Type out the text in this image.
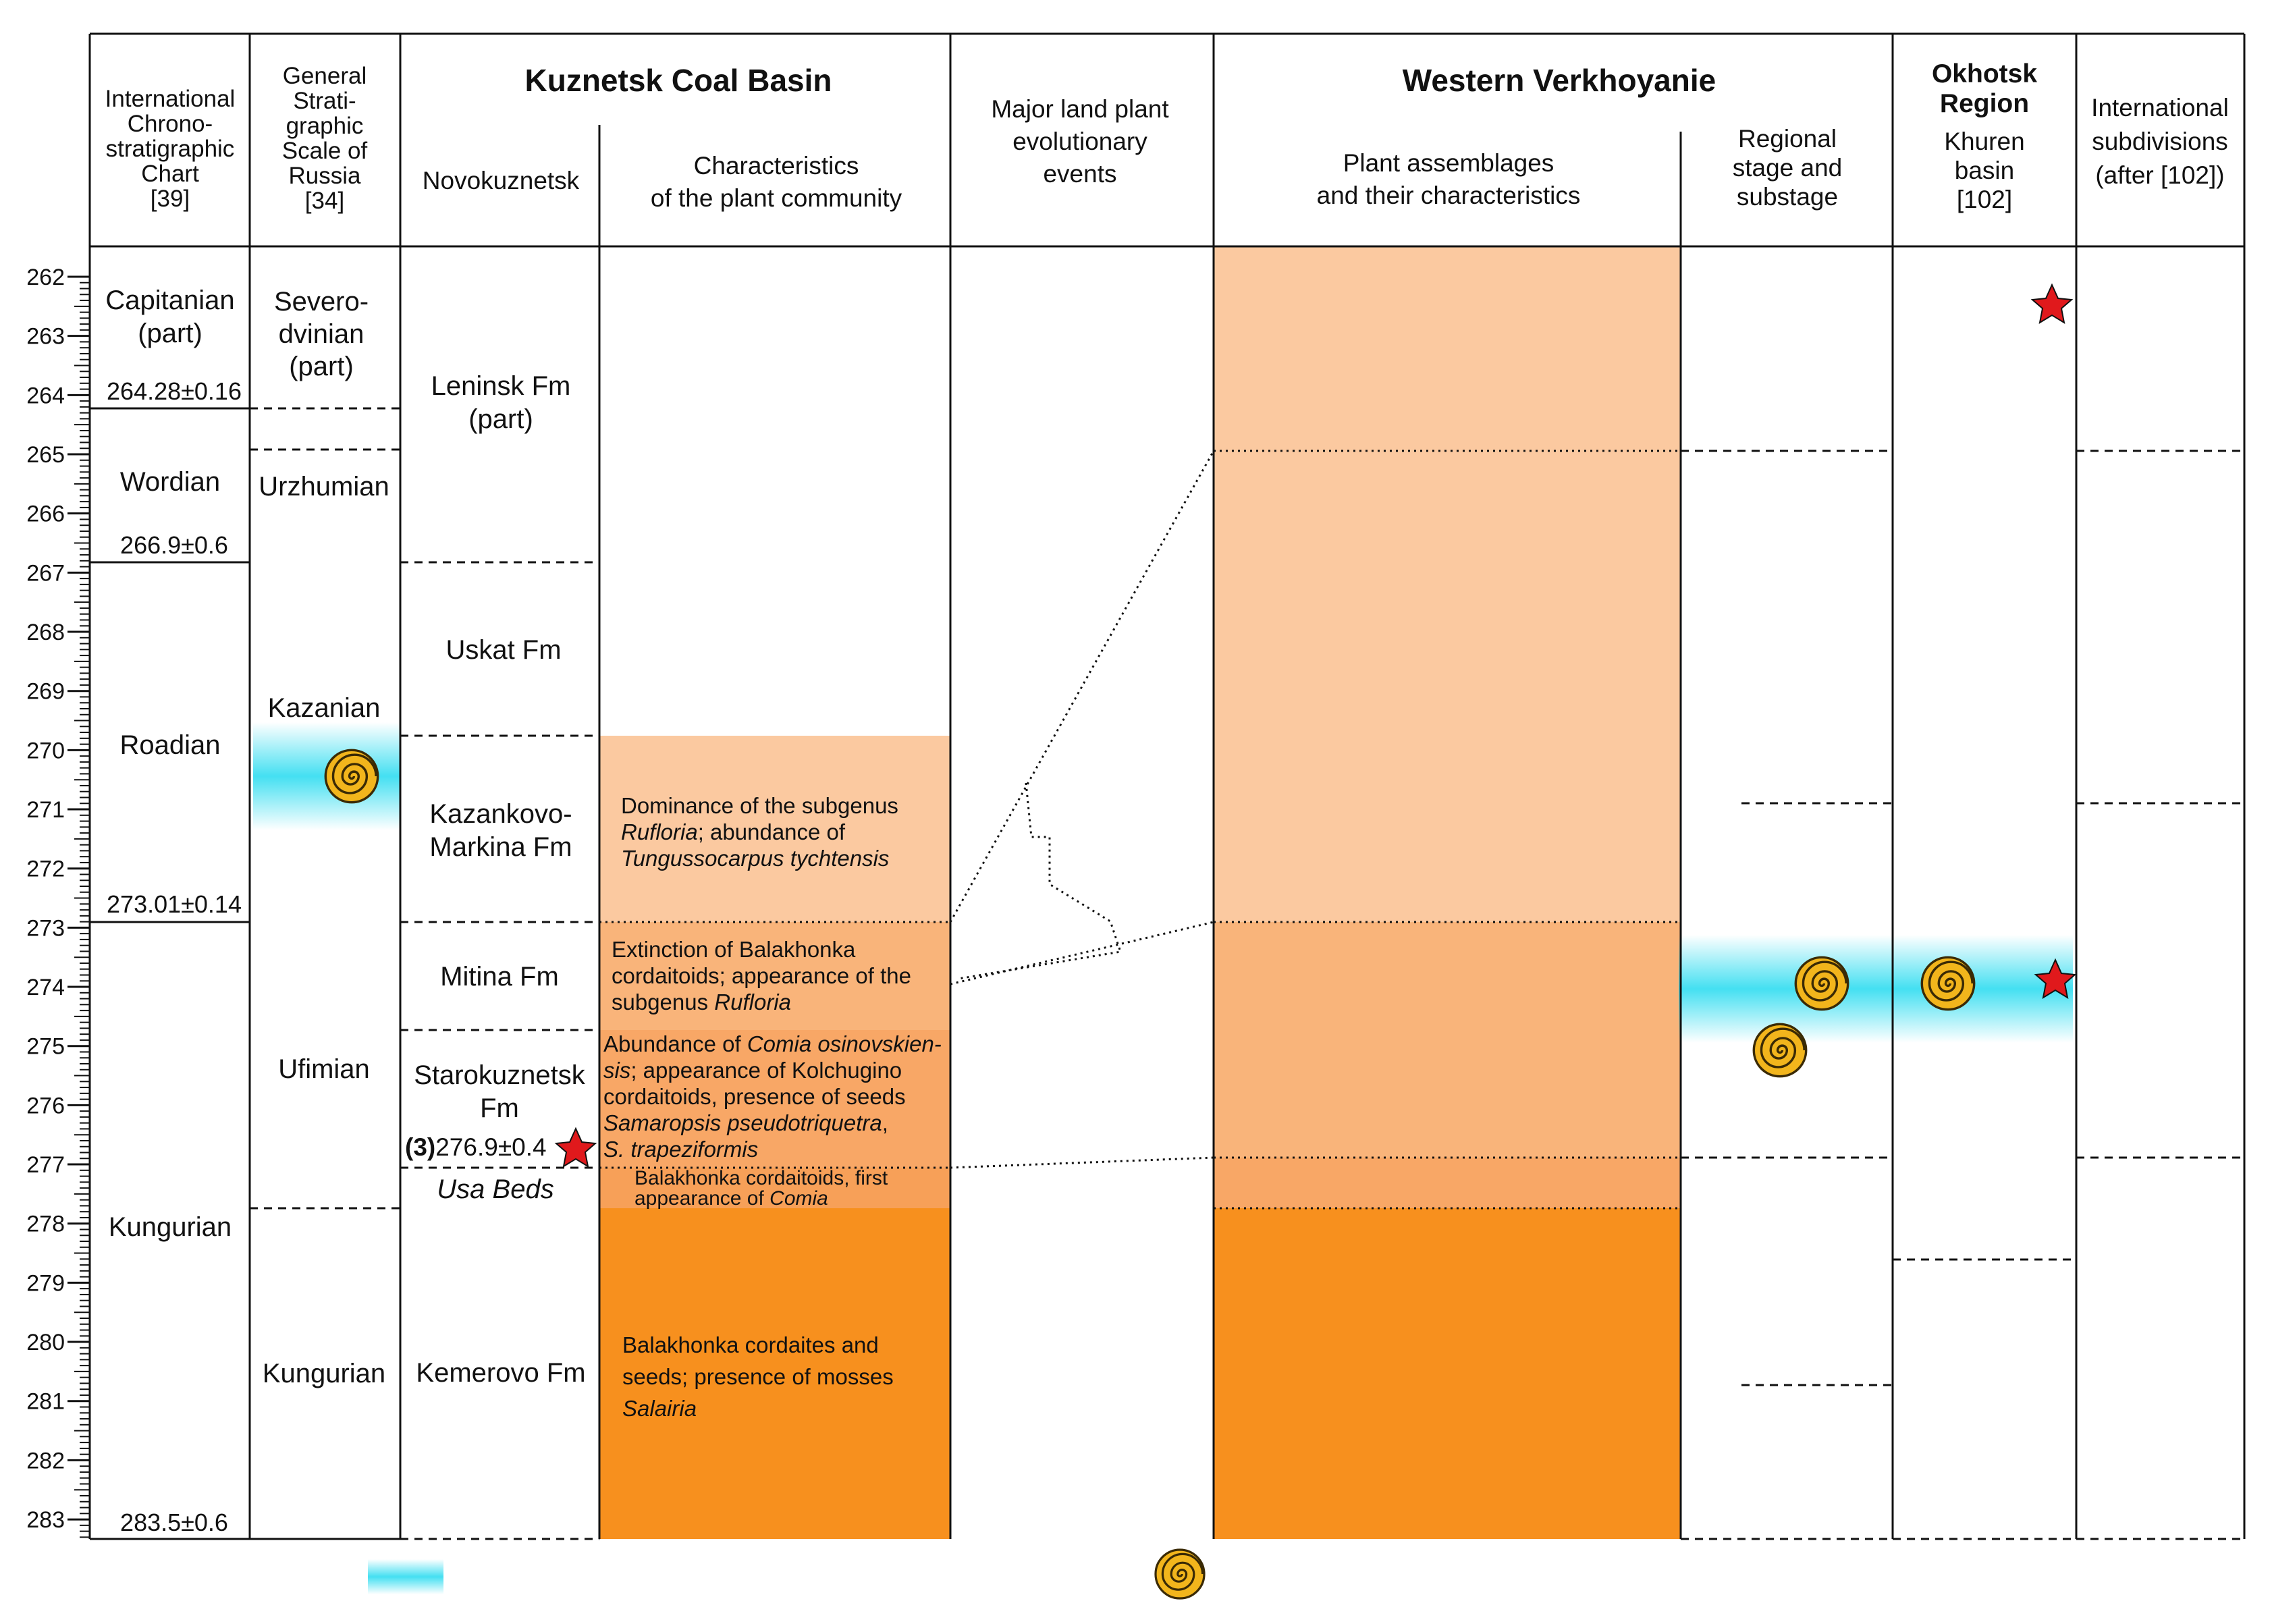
262
263
264
265
266
267
268
269
270
271
272
273
274
275
276
277
278
279
280
281
282
283
International Chrono-stratigraphic Chart [39]
General Strati-graphic Scale of Russia [34]
Kuznetsk Coal Basin
Novokuznetsk
Characteristics of the plant community
Major land plant evolutionary events
Western Verkhoyanie
Plant assemblages and their characteristics
Regional stage and substage
Okhotsk Region
Khuren basin [102]
International subdivisions (after [102])
Capitanian (part)
Wordian
Roadian
Kungurian
264.28±0.16
266.9±0.6
273.01±0.14
283.5±0.6
Severo-dvinian (part)
Urzhumian
Kazanian
Ufimian
Kungurian
Leninsk Fm (part)
Uskat Fm
Kazankovo-Markina Fm
Mitina Fm
Starokuznetsk Fm
Usa Beds
Kemerovo Fm
(3)276.9±0.4
Dominance of the subgenus Rufloria; abundance of Tungussocarpus tychtensis
Extinction of Balakhonka cordaitoids; appearance of the subgenus Rufloria
Abundance of Comia osinovskien-sis; appearance of Kolchugino cordaitoids, presence of seeds Samaropsis pseudotriquetra, S. trapeziformis
Balakhonka cordaitoids, first appearance of Comia
Balakhonka cordaites and seeds; presence of mosses Salairia
